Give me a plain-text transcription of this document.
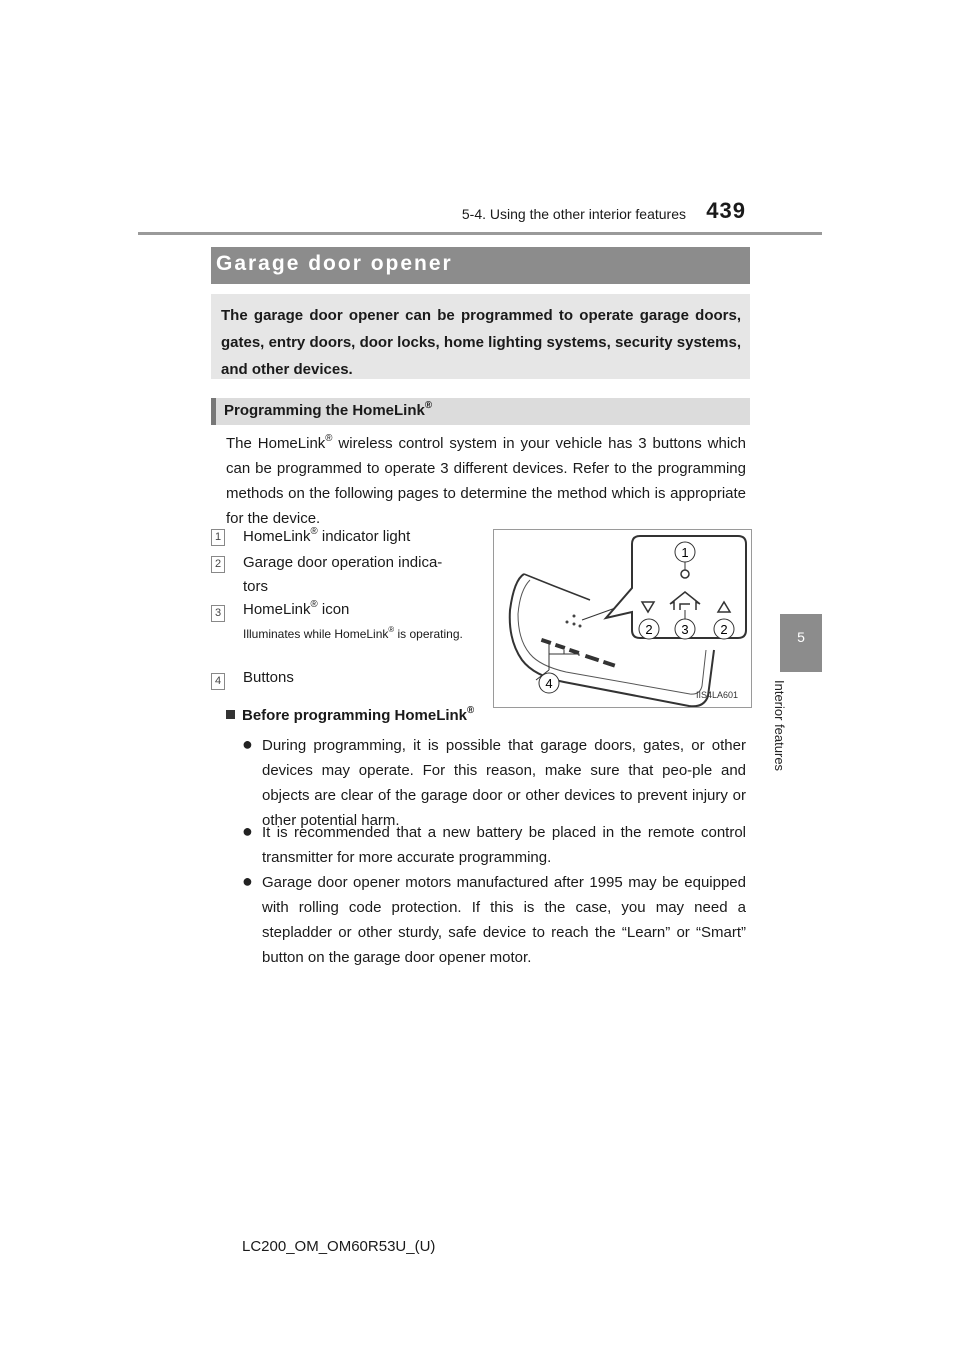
5-4. Using the other interior features 439
5
Interior features
Garage door opener
The garage door opener can be programmed to operate garage doors, gates, entry doors, door locks, home lighting systems, security systems, and other devices.
Programming the HomeLink®
The HomeLink® wireless control system in your vehicle has 3 buttons which can be programmed to operate 3 different devices. Refer to the programming methods on the following pages to determine the method which is appropriate for the device.
1 HomeLink® indicator light
2 Garage door operation indica-tors
3 HomeLink® icon
Illuminates while HomeLink® is operating.
4 Buttons
1
2 3 2
4
IIS4LA601
Before programming HomeLink®
● During programming, it is possible that garage doors, gates, or other devices may operate. For this reason, make sure that peo-ple and objects are clear of the garage door or other devices to prevent injury or other potential harm.
● It is recommended that a new battery be placed in the remote control transmitter for more accurate programming.
● Garage door opener motors manufactured after 1995 may be equipped with rolling code protection. If this is the case, you may need a stepladder or other sturdy, safe device to reach the “Learn” or “Smart” button on the garage door opener motor.
LC200_OM_OM60R53U_(U)
